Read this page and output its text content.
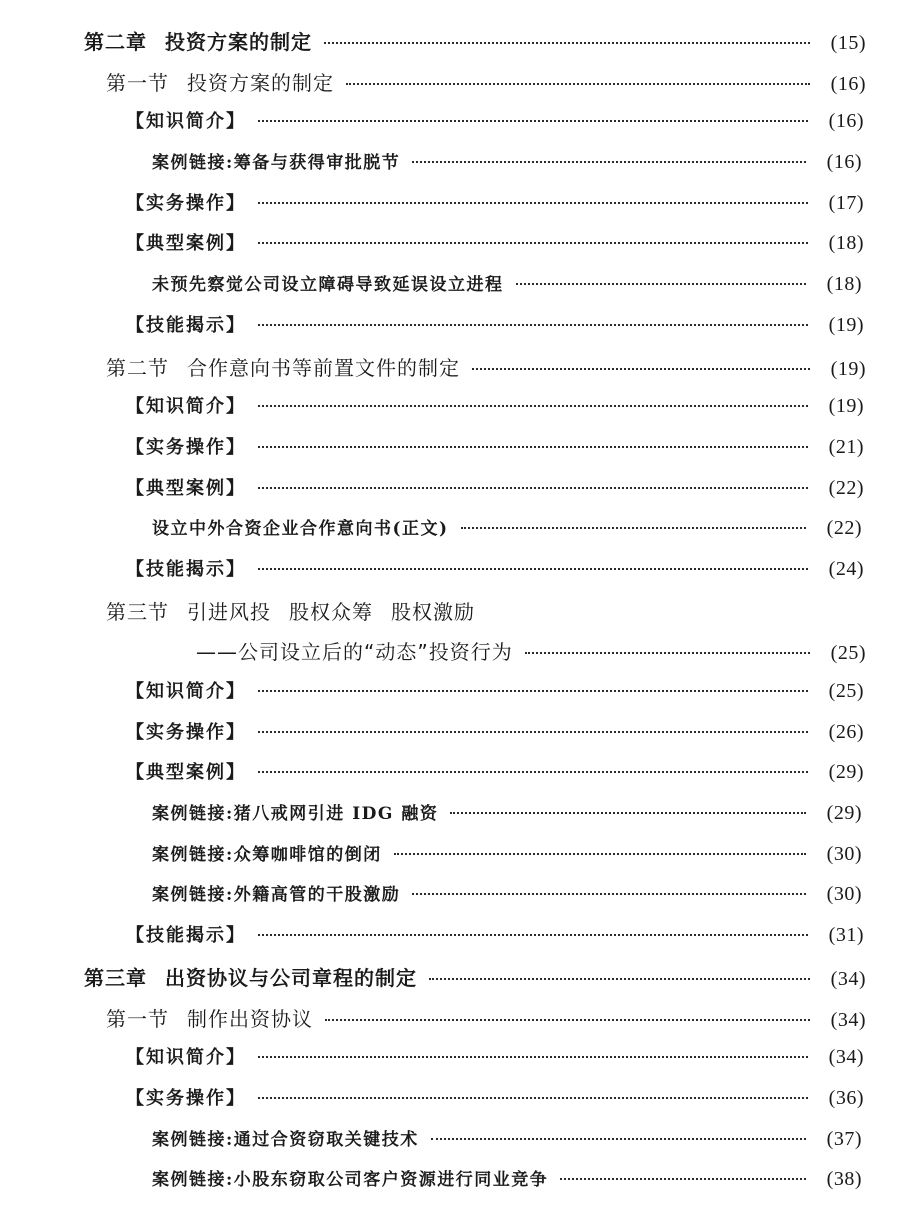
第二章 投资方案的制定	(15)
第一节 投资方案的制定	(16)
【知识简介】	(16)
案例链接:筹备与获得审批脱节	(16)
【实务操作】	(17)
【典型案例】	(18)
未预先察觉公司设立障碍导致延误设立进程	(18)
【技能揭示】	(19)
第二节 合作意向书等前置文件的制定	(19)
【知识简介】	(19)
【实务操作】	(21)
【典型案例】	(22)
设立中外合资企业合作意向书(正文)	(22)
【技能揭示】	(24)
第三节 引进风投 股权众筹 股权激励
——公司设立后的“动态”投资行为	(25)
【知识简介】	(25)
【实务操作】	(26)
【典型案例】	(29)
案例链接:猪八戒网引进 IDG 融资	(29)
案例链接:众筹咖啡馆的倒闭	(30)
案例链接:外籍高管的干股激励	(30)
【技能揭示】	(31)
第三章 出资协议与公司章程的制定	(34)
第一节 制作出资协议	(34)
【知识简介】	(34)
【实务操作】	(36)
案例链接:通过合资窃取关键技术	(37)
案例链接:小股东窃取公司客户资源进行同业竞争	(38)
